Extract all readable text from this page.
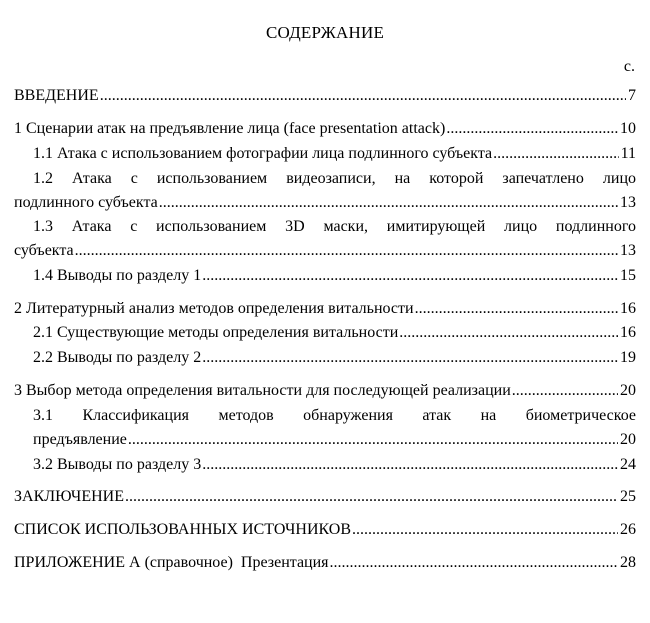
СОДЕРЖАНИЕ
с.
ВВЕДЕНИЕ .....	7
1 Сценарии атак на предъявление лица (face presentation attack) .....	10
1.1 Атака с использованием фотографии лица подлинного субъекта .....	11
1.2 Атака с использованием видеозаписи, на которой запечатлено лицо
подлинного субъекта .....	13
1.3 Атака с использованием 3D маски, имитирующей лицо подлинного
субъекта .....	13
1.4 Выводы по разделу 1 .....	15
2 Литературный анализ методов определения витальности .....	16
2.1 Существующие методы определения витальности .....	16
2.2 Выводы по разделу 2 .....	19
3 Выбор метода определения витальности для последующей реализации .....	20
3.1 Классификация методов обнаружения атак на биометрическое
предъявление .....	20
3.2 Выводы по разделу 3 .....	24
ЗАКЛЮЧЕНИЕ .....	25
СПИСОК ИСПОЛЬЗОВАННЫХ ИСТОЧНИКОВ .....	26
ПРИЛОЖЕНИЕ А (справочное)  Презентация .....	28
